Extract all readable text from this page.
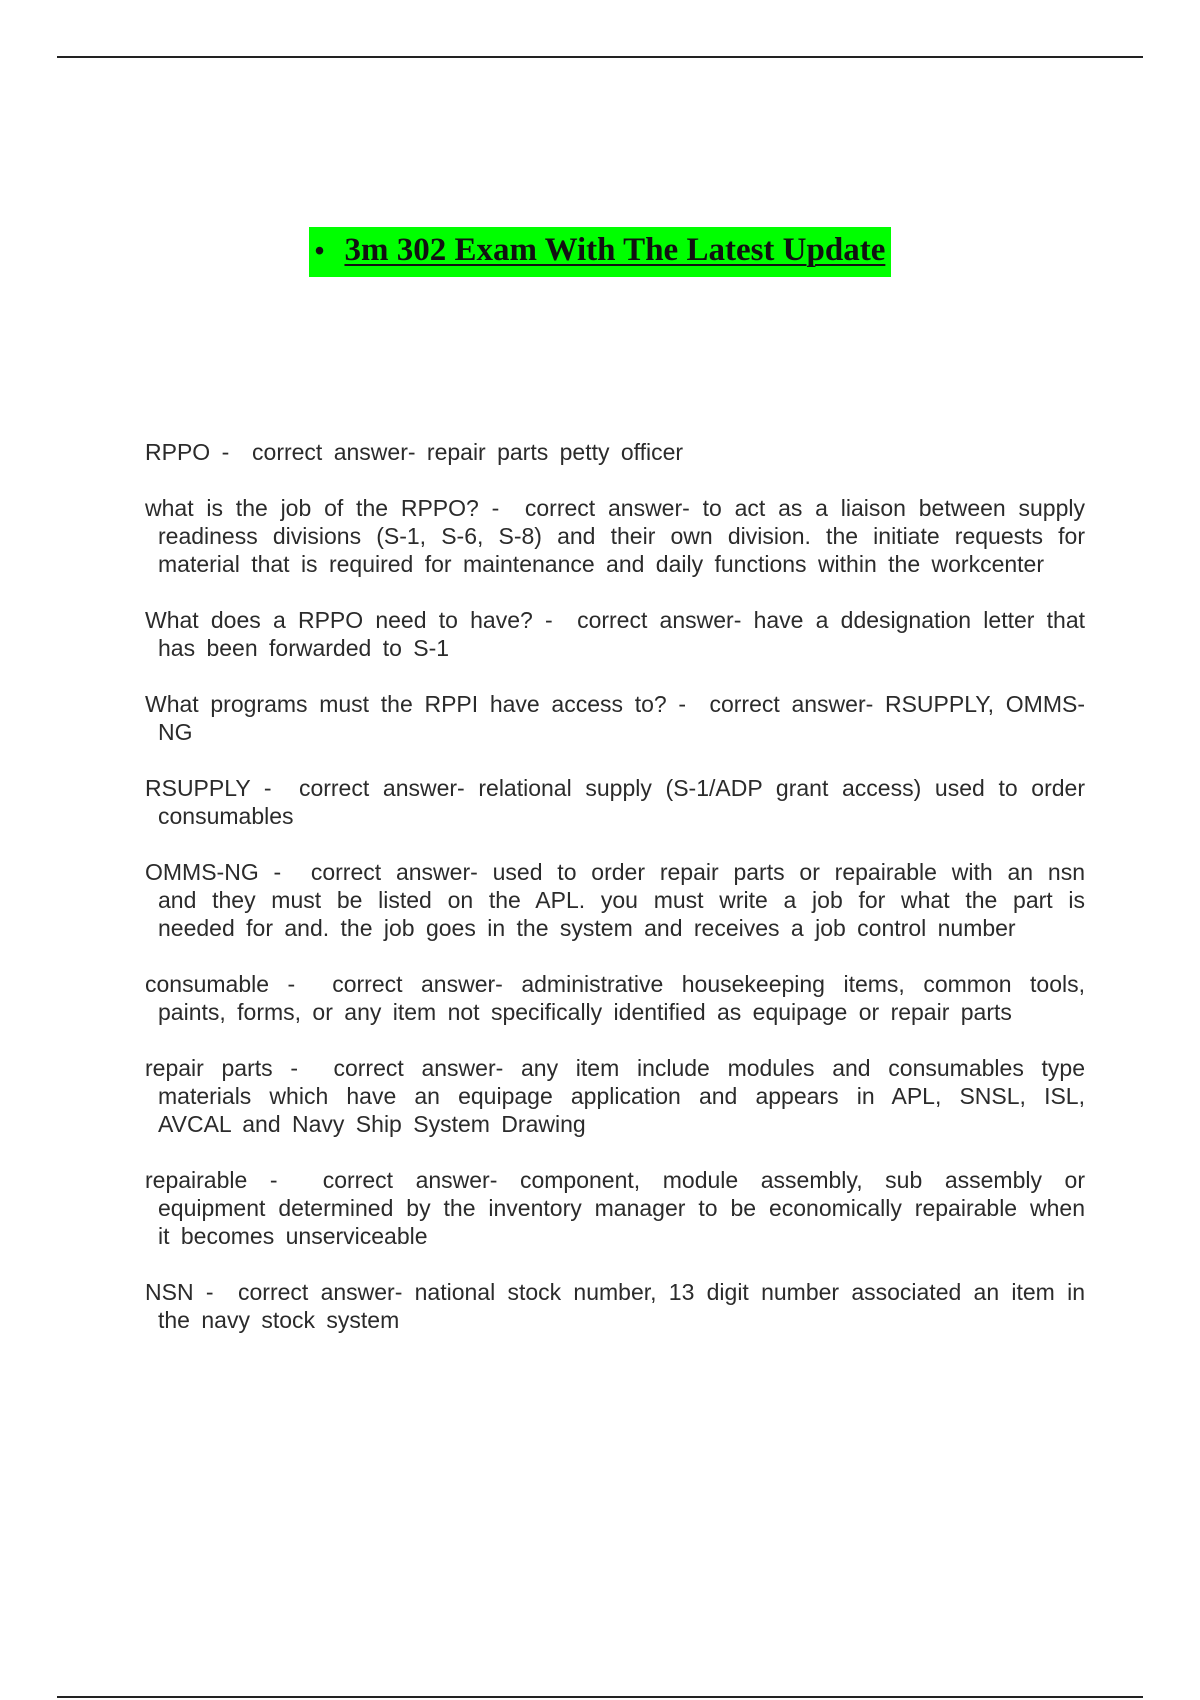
• 3m 302 Exam With The Latest Update

RPPO -  correct answer- repair parts petty officer

what is the job of the RPPO? -  correct answer- to act as a liaison between supply readiness divisions (S-1, S-6, S-8) and their own division. the initiate requests for material that is required for maintenance and daily functions within the workcenter

What does a RPPO need to have? -  correct answer- have a ddesignation letter that has been forwarded to S-1

What programs must the RPPI have access to? -  correct answer- RSUPPLY, OMMS-NG

RSUPPLY -  correct answer- relational supply (S-1/ADP grant access) used to order consumables

OMMS-NG -  correct answer- used to order repair parts or repairable with an nsn and they must be listed on the APL. you must write a job for what the part is needed for and. the job goes in the system and receives a job control number

consumable -  correct answer- administrative housekeeping items, common tools, paints, forms, or any item not specifically identified as equipage or repair parts

repair parts -  correct answer- any item include modules and consumables type materials which have an equipage application and appears in APL, SNSL, ISL, AVCAL and Navy Ship System Drawing

repairable -  correct answer- component, module assembly, sub assembly or equipment determined by the inventory manager to be economically repairable when it becomes unserviceable

NSN -  correct answer- national stock number, 13 digit number associated an item in the navy stock system
